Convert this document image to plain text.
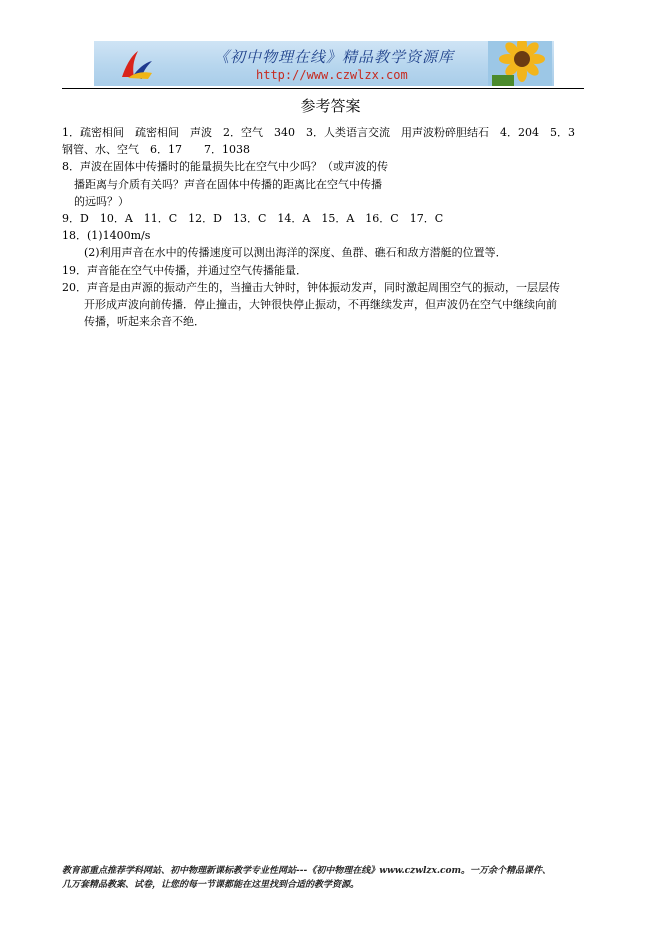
《初中物理在线》精品教学资源库
http://www.czwlzx.com
参考答案
1．疏密相间　疏密相间　声波　2．空气　340　3．人类语言交流　用声波粉碎胆结石　4．204　5．3
钢管、水、空气　6．17　　7．1038
8．声波在固体中传播时的能量损失比在空气中少吗？（或声波的传
播距离与介质有关吗？声音在固体中传播的距离比在空气中传播
的远吗？）
9．D　10．A　11．C　12．D　13．C　14．A　15．A　16．C　17．C
18．(1)1400m/s
(2)利用声音在水中的传播速度可以测出海洋的深度、鱼群、礁石和敌方潜艇的位置等．
19．声音能在空气中传播，并通过空气传播能量．
20．声音是由声源的振动产生的，当撞击大钟时，钟体振动发声，同时激起周围空气的振动，一层层传
开形成声波向前传播．停止撞击，大钟很快停止振动，不再继续发声，但声波仍在空气中继续向前
传播，听起来余音不绝．
教育部重点推荐学科网站、初中物理新课标教学专业性网站---《初中物理在线》www.czwlzx.com。一万余个精品课件、
几万套精品教案、试卷，让您的每一节课都能在这里找到合适的教学资源。
